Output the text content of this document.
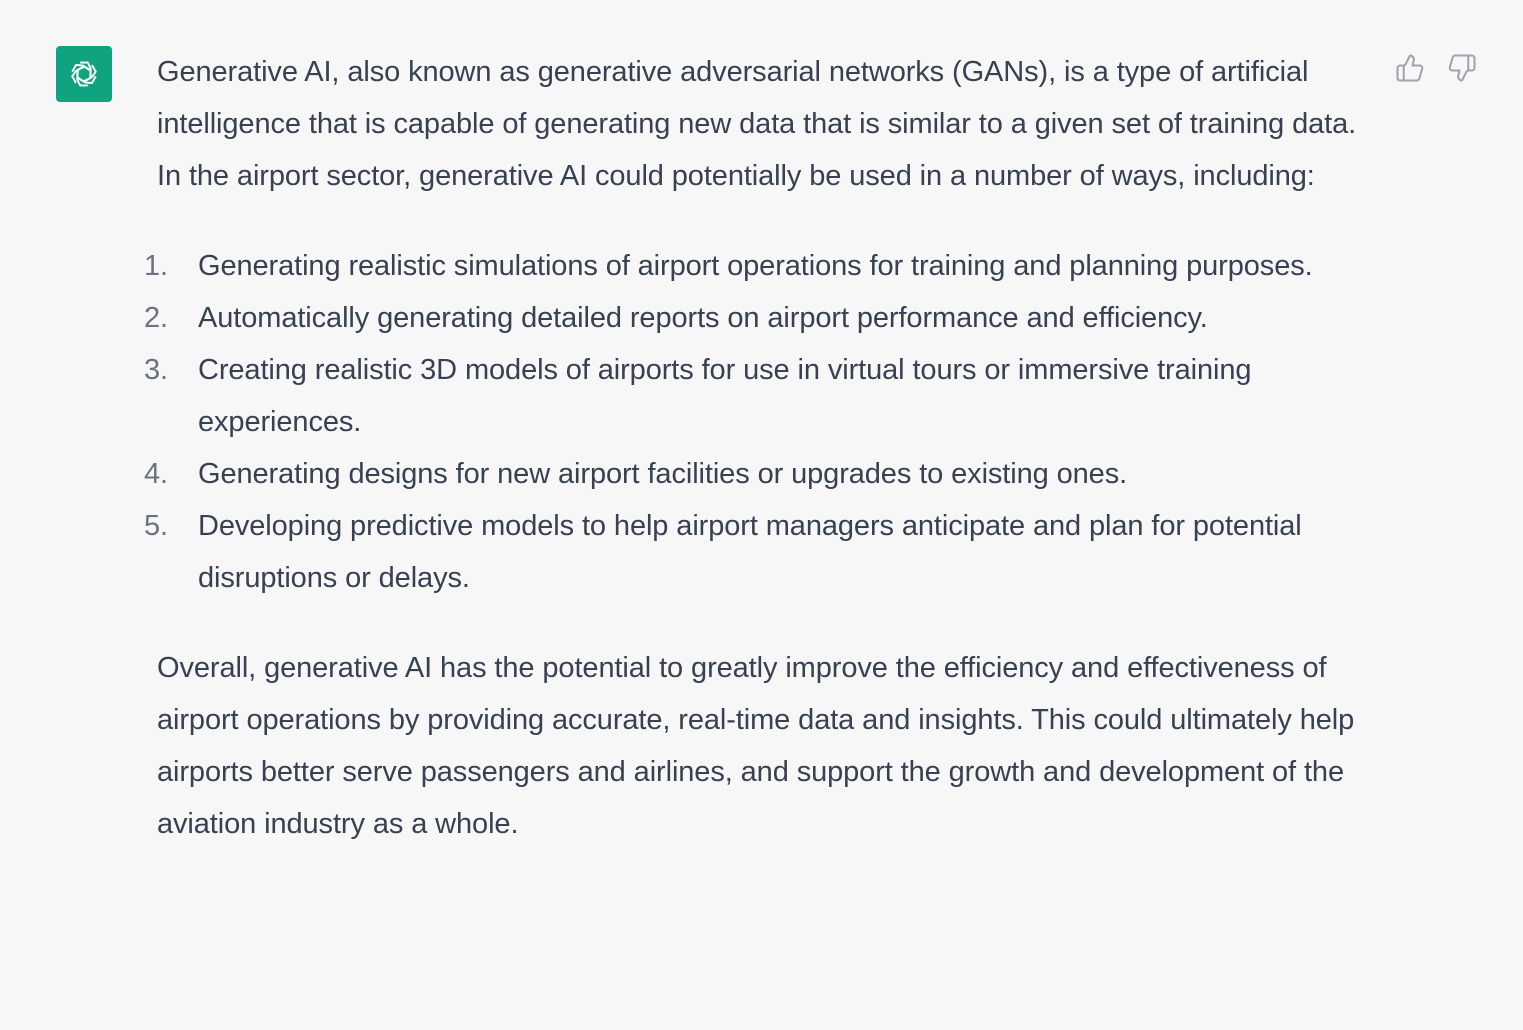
Generative AI, also known as generative adversarial networks (GANs), is a type of artificial intelligence that is capable of generating new data that is similar to a given set of training data. In the airport sector, generative AI could potentially be used in a number of ways, including:

1. Generating realistic simulations of airport operations for training and planning purposes.
2. Automatically generating detailed reports on airport performance and efficiency.
3. Creating realistic 3D models of airports for use in virtual tours or immersive training experiences.
4. Generating designs for new airport facilities or upgrades to existing ones.
5. Developing predictive models to help airport managers anticipate and plan for potential disruptions or delays.

Overall, generative AI has the potential to greatly improve the efficiency and effectiveness of airport operations by providing accurate, real-time data and insights. This could ultimately help airports better serve passengers and airlines, and support the growth and development of the aviation industry as a whole.
